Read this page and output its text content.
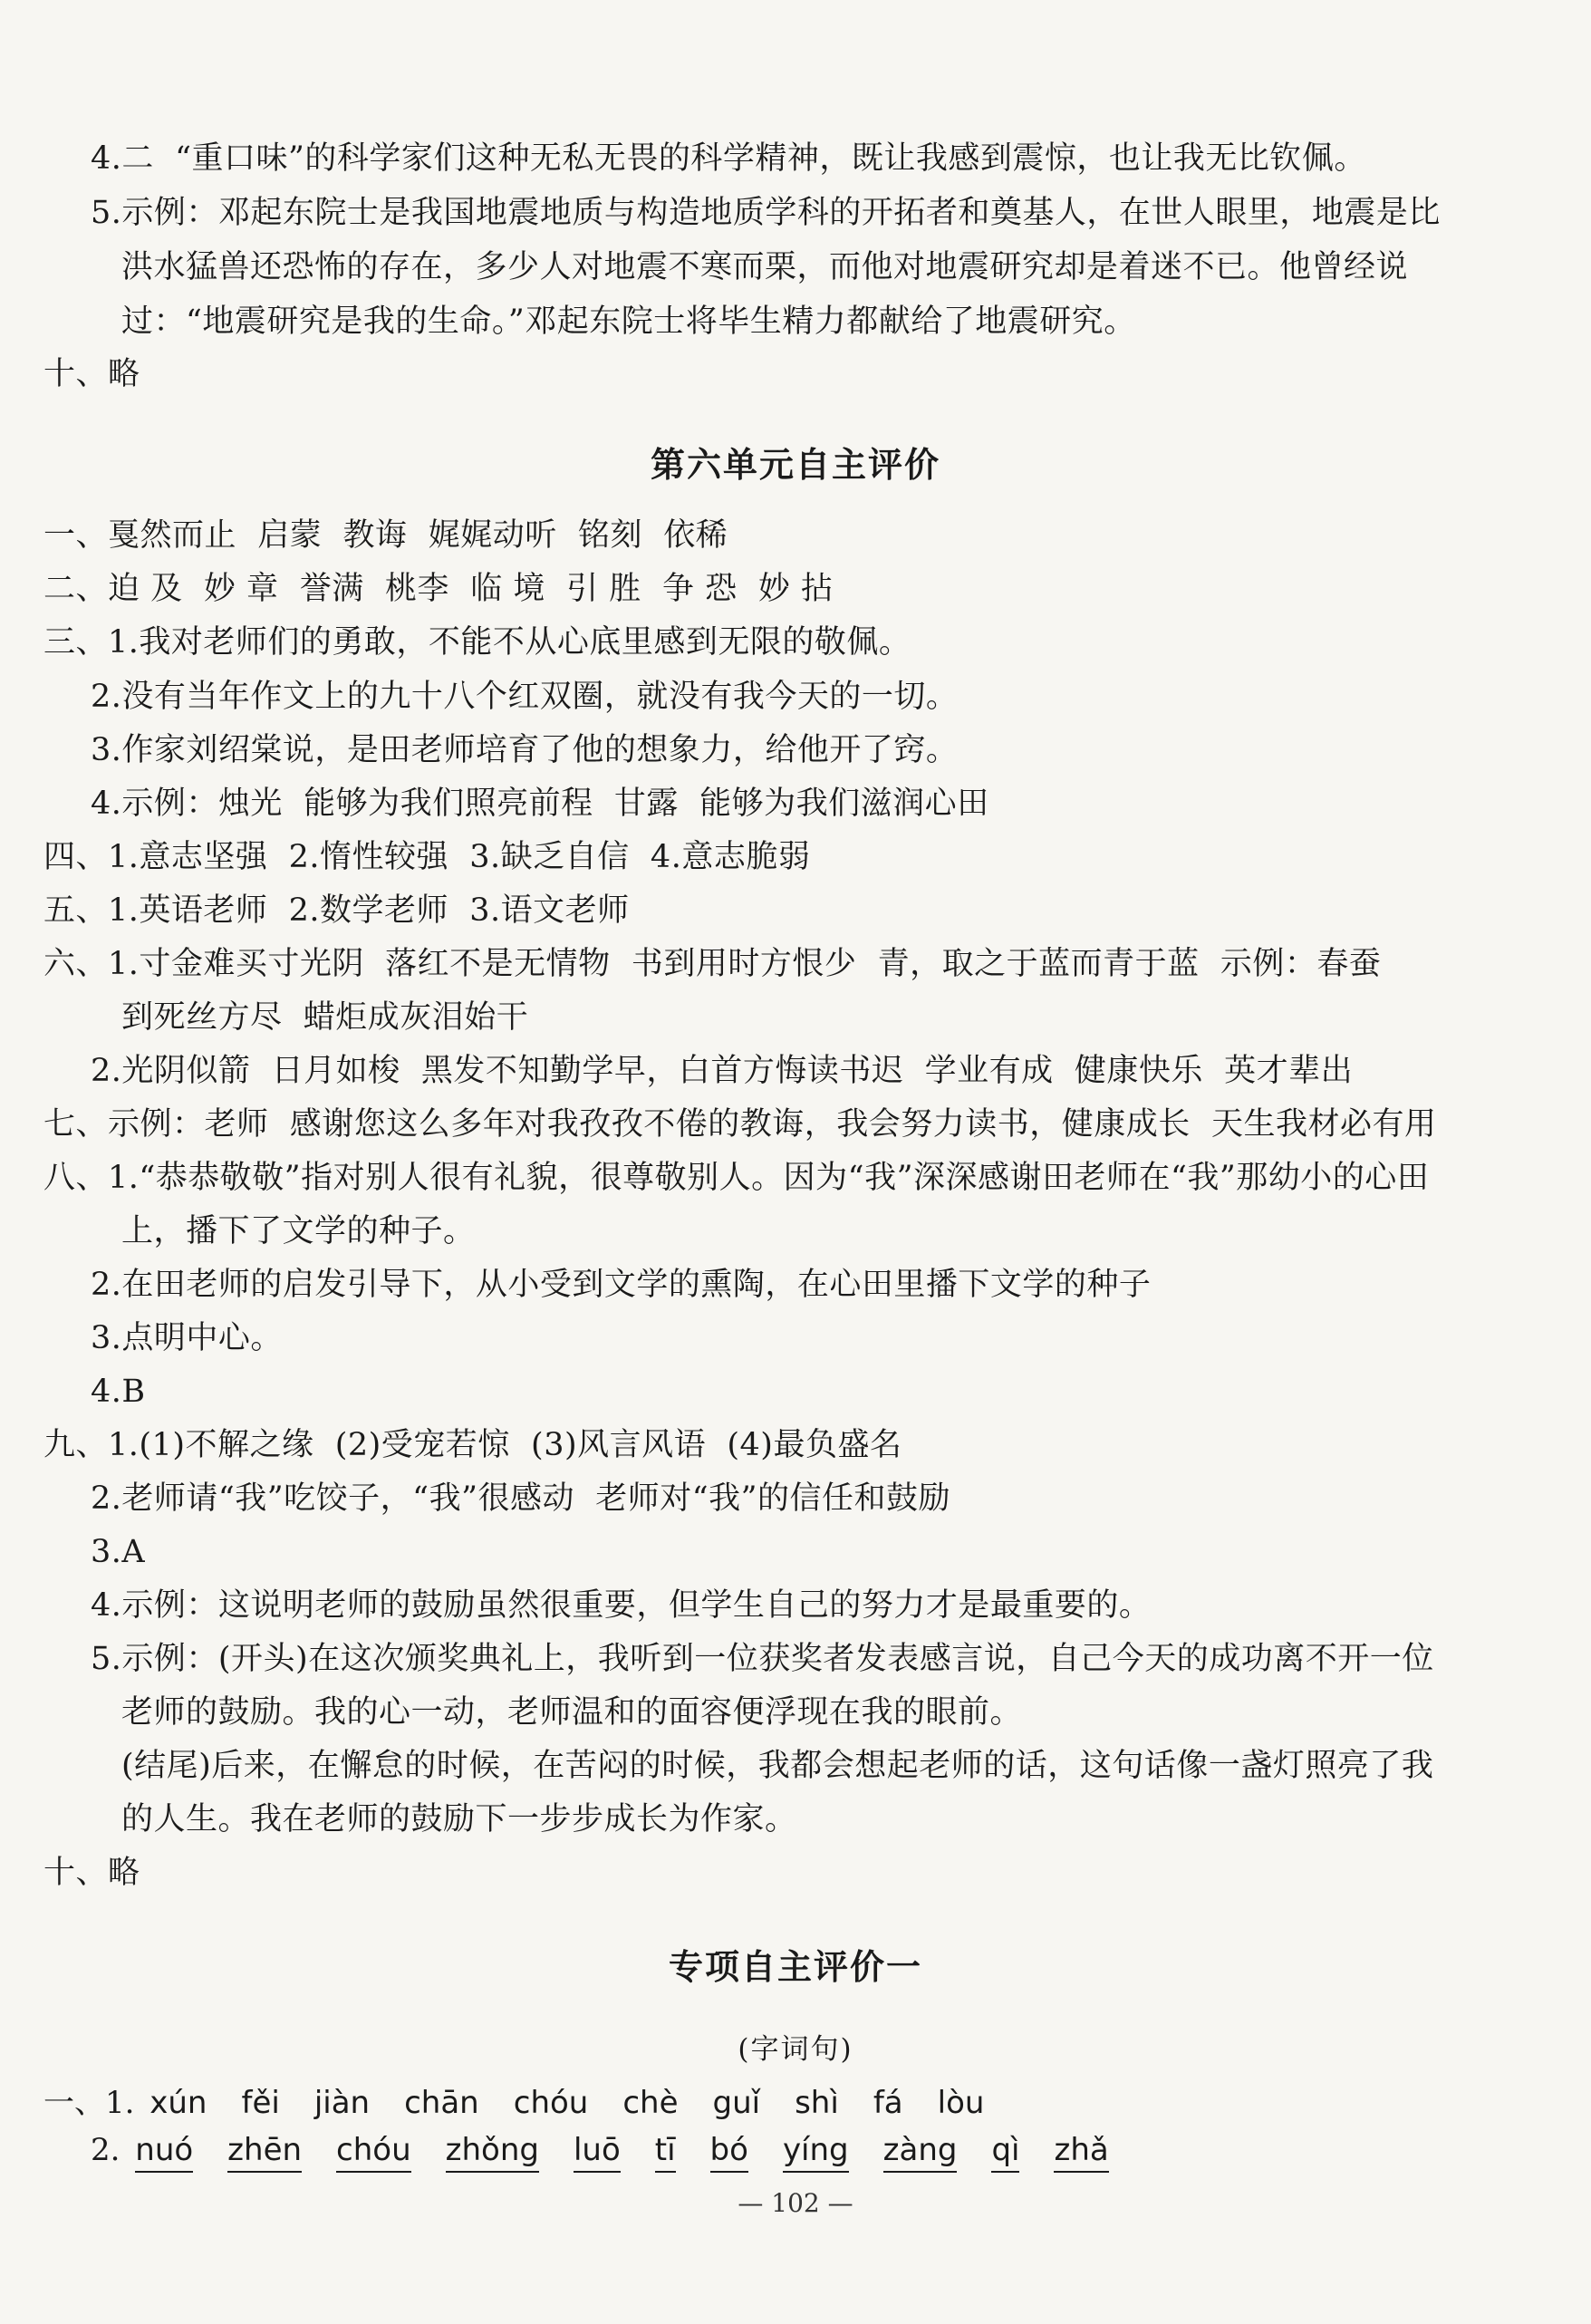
4.二  “重口味”的科学家们这种无私无畏的科学精神，既让我感到震惊，也让我无比钦佩。
5.示例：邓起东院士是我国地震地质与构造地质学科的开拓者和奠基人，在世人眼里，地震是比
洪水猛兽还恐怖的存在，多少人对地震不寒而栗，而他对地震研究却是着迷不已。他曾经说
过：“地震研究是我的生命。”邓起东院士将毕生精力都献给了地震研究。
十、略
第六单元自主评价
一、戛然而止  启蒙  教诲  娓娓动听  铭刻  依稀
二、迫 及  妙 章  誉满  桃李  临 境  引 胜  争 恐  妙 拈
三、1.我对老师们的勇敢，不能不从心底里感到无限的敬佩。
2.没有当年作文上的九十八个红双圈，就没有我今天的一切。
3.作家刘绍棠说，是田老师培育了他的想象力，给他开了窍。
4.示例：烛光  能够为我们照亮前程  甘露  能够为我们滋润心田
四、1.意志坚强  2.惰性较强  3.缺乏自信  4.意志脆弱
五、1.英语老师  2.数学老师  3.语文老师
六、1.寸金难买寸光阴  落红不是无情物  书到用时方恨少  青，取之于蓝而青于蓝  示例：春蚕
到死丝方尽  蜡炬成灰泪始干
2.光阴似箭  日月如梭  黑发不知勤学早，白首方悔读书迟  学业有成  健康快乐  英才辈出
七、示例：老师  感谢您这么多年对我孜孜不倦的教诲，我会努力读书，健康成长  天生我材必有用
八、1.“恭恭敬敬”指对别人很有礼貌，很尊敬别人。因为“我”深深感谢田老师在“我”那幼小的心田
上，播下了文学的种子。
2.在田老师的启发引导下，从小受到文学的熏陶，在心田里播下文学的种子
3.点明中心。
4.B
九、1.(1)不解之缘  (2)受宠若惊  (3)风言风语  (4)最负盛名
2.老师请“我”吃饺子，“我”很感动  老师对“我”的信任和鼓励
3.A
4.示例：这说明老师的鼓励虽然很重要，但学生自己的努力才是最重要的。
5.示例：(开头)在这次颁奖典礼上，我听到一位获奖者发表感言说，自己今天的成功离不开一位
老师的鼓励。我的心一动，老师温和的面容便浮现在我的眼前。
(结尾)后来，在懈怠的时候，在苦闷的时候，我都会想起老师的话，这句话像一盏灯照亮了我
的人生。我在老师的鼓励下一步步成长为作家。
十、略
专项自主评价一
(字词句)
一、1. xún fěi jiàn chān chóu chè guǐ shì fá lòu
2. nuó zhēn chóu zhǒng luō tī bó yíng zàng qì zhǎ
— 102 —
